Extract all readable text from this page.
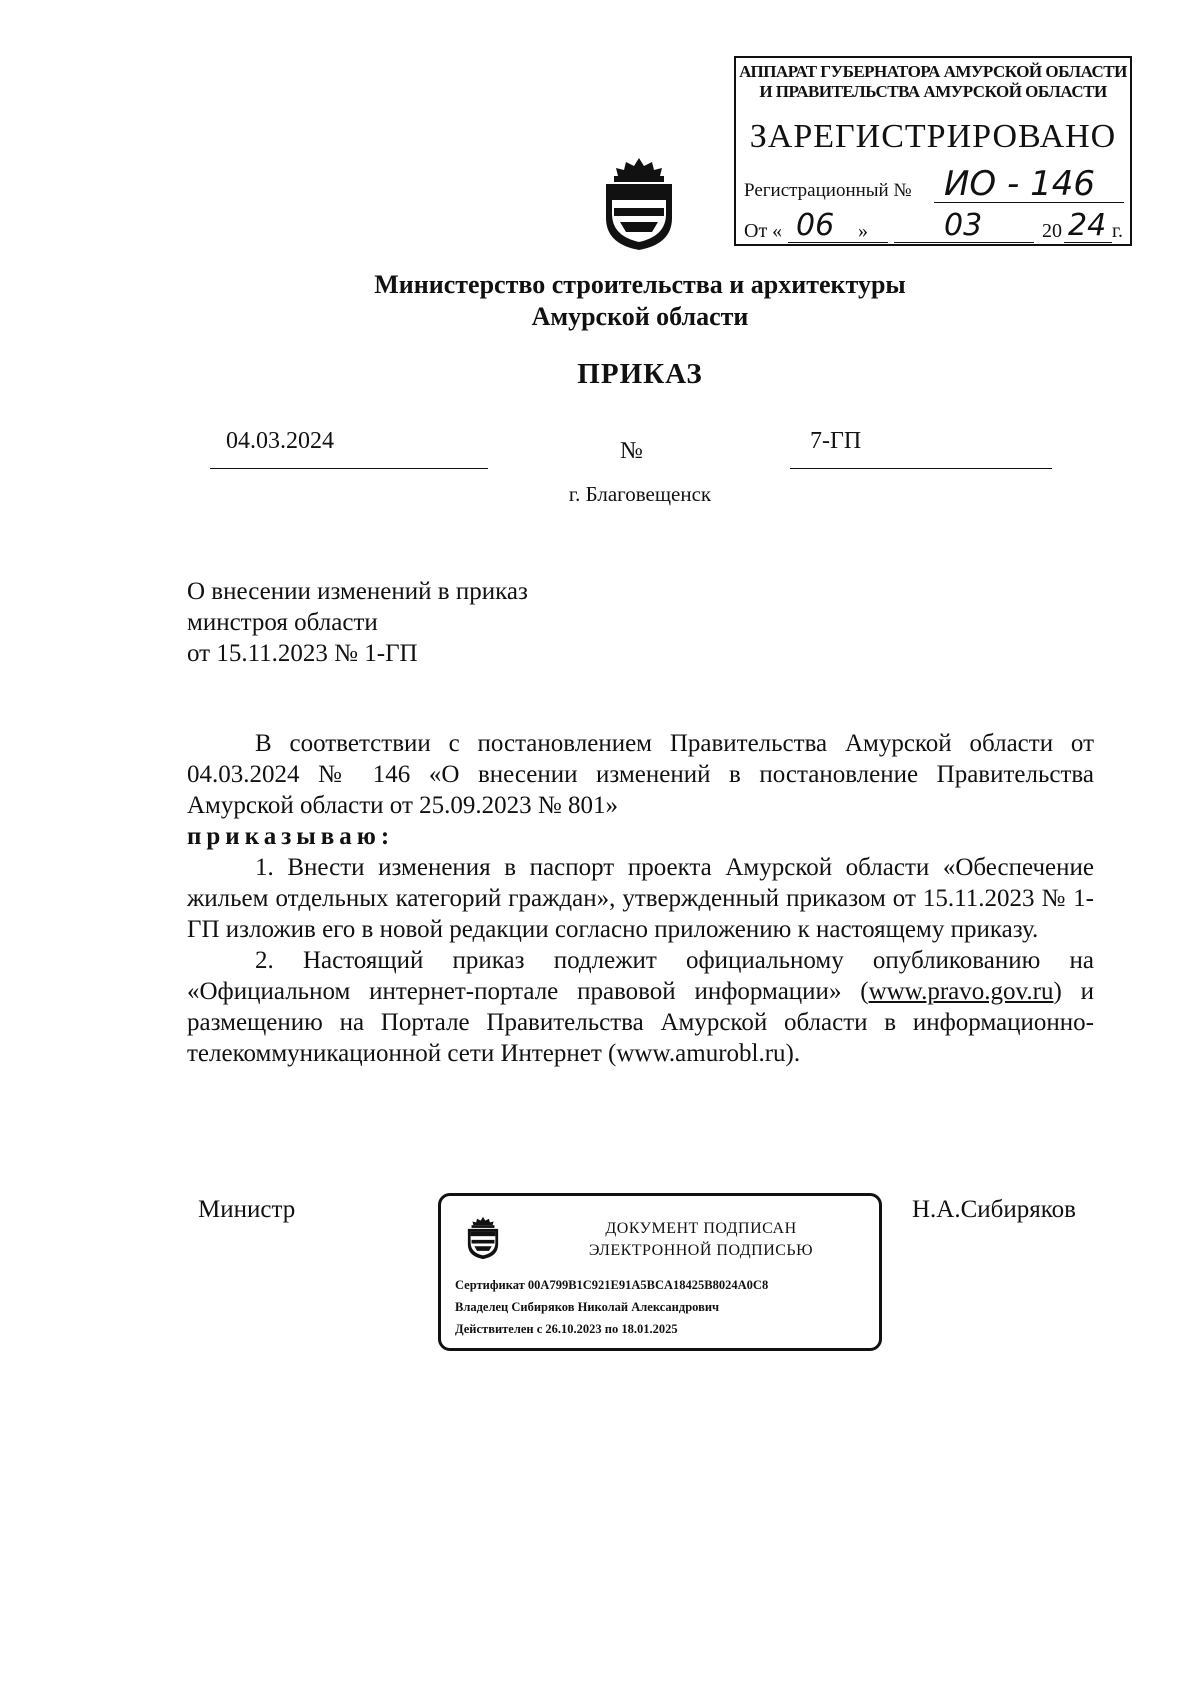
АППАРАТ ГУБЕРНАТОРА АМУРСКОЙ ОБЛАСТИ
И ПРАВИТЕЛЬСТВА АМУРСКОЙ ОБЛАСТИ
ЗАРЕГИСТРИРОВАНО
Регистрационный № ИО - 146
От « 06 »	03	20 24 г.
Министерство строительства и архитектуры
Амурской области
ПРИКАЗ
04.03.2024	№	7-ГП
г. Благовещенск
О внесении изменений в приказ
минстроя области
от 15.11.2023 № 1-ГП

В соответствии с постановлением Правительства Амурской области от 04.03.2024 № 146 «О внесении изменений в постановление Правительства Амурской области от 25.09.2023 № 801»

приказываю:

1. Внести изменения в паспорт проекта Амурской области «Обеспечение жильем отдельных категорий граждан», утвержденный приказом от 15.11.2023 № 1-ГП изложив его в новой редакции согласно приложению к настоящему приказу.

2. Настоящий приказ подлежит официальному опубликованию на «Официальном интернет-портале правовой информации» (www.pravo.gov.ru) и размещению на Портале Правительства Амурской области в информационно-телекоммуникационной сети Интернет (www.amurobl.ru).

Министр	Н.А.Сибиряков
ДОКУМЕНТ ПОДПИСАН
ЭЛЕКТРОННОЙ ПОДПИСЬЮ
Сертификат 00A799B1C921E91A5BCA18425B8024A0C8
Владелец Сибиряков Николай Александрович
Действителен с 26.10.2023 по 18.01.2025
